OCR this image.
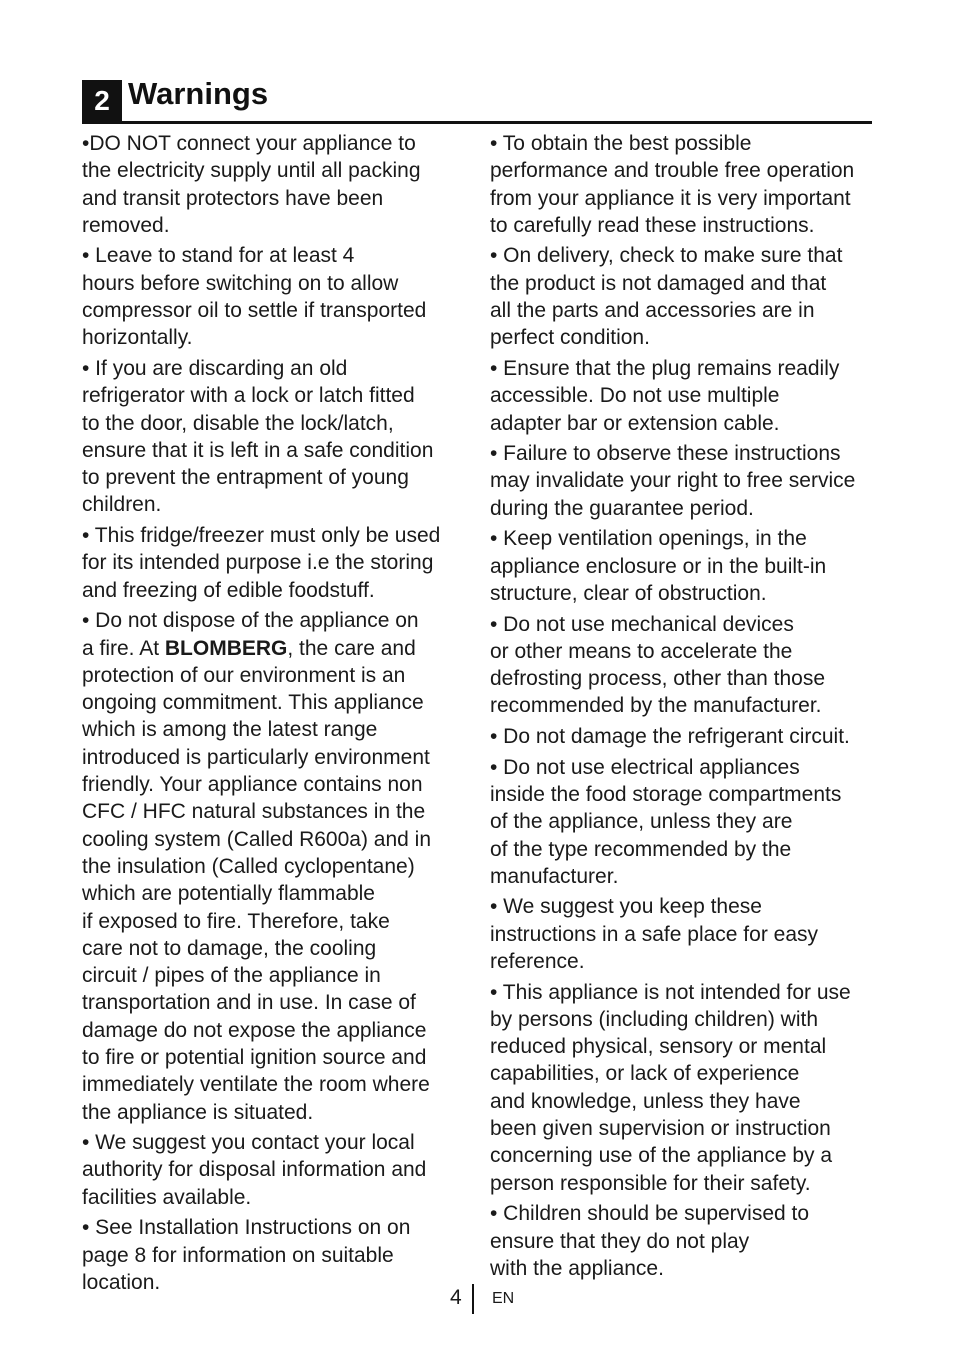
2 Warnings

•DO NOT connect your appliance to
the electricity supply until all packing
and transit protectors have been
removed.

• Leave to stand for at least 4
hours before switching on to allow
compressor oil to settle if transported
horizontally.

• If you are discarding an old
refrigerator with a lock or latch fitted
to the door, disable the lock/latch,
ensure that it is left in a safe condition
to prevent the entrapment of young
children.

• This fridge/freezer must only be used
for its intended purpose i.e the storing
and freezing of edible foodstuff.

• Do not dispose of the appliance on
a fire. At BLOMBERG, the care and
protection of our environment is an
ongoing commitment. This appliance
which is among the latest range
introduced is particularly environment
friendly. Your appliance contains non
CFC / HFC natural substances in the
cooling system (Called R600a) and in
the insulation (Called cyclopentane)
which are potentially flammable
if exposed to fire. Therefore, take
care not to damage, the cooling
circuit / pipes of the appliance in
transportation and in use. In case of
damage do not expose the appliance
to fire or potential ignition source and
immediately ventilate the room where
the appliance is situated.

• We suggest you contact your local
authority for disposal information and
facilities available.

• See Installation Instructions on on
page 8 for information on suitable
location.

• To obtain the best possible
performance and trouble free operation
from your appliance it is very important
to carefully read these instructions.

• On delivery, check to make sure that
the product is not damaged and that
all the parts and accessories are in
perfect condition.

• Ensure that the plug remains readily
accessible. Do not use multiple
adapter bar or extension cable.

• Failure to observe these instructions
may invalidate your right to free service
during the guarantee period.

• Keep ventilation openings, in the
appliance enclosure or in the built-in
structure, clear of obstruction.

• Do not use mechanical devices
or other means to accelerate the
defrosting process, other than those
recommended by the manufacturer.

• Do not damage the refrigerant circuit.

• Do not use electrical appliances
inside the food storage compartments
of the appliance, unless they are
of the type recommended by the
manufacturer.

• We suggest you keep these
instructions in a safe place for easy
reference.

• This appliance is not intended for use
by persons (including children) with
reduced physical, sensory or mental
capabilities, or lack of experience
and knowledge, unless they have
been given supervision or instruction
concerning use of the appliance by a
person responsible for their safety.

• Children should be supervised to
ensure that they do not play
with the appliance.

4 EN
